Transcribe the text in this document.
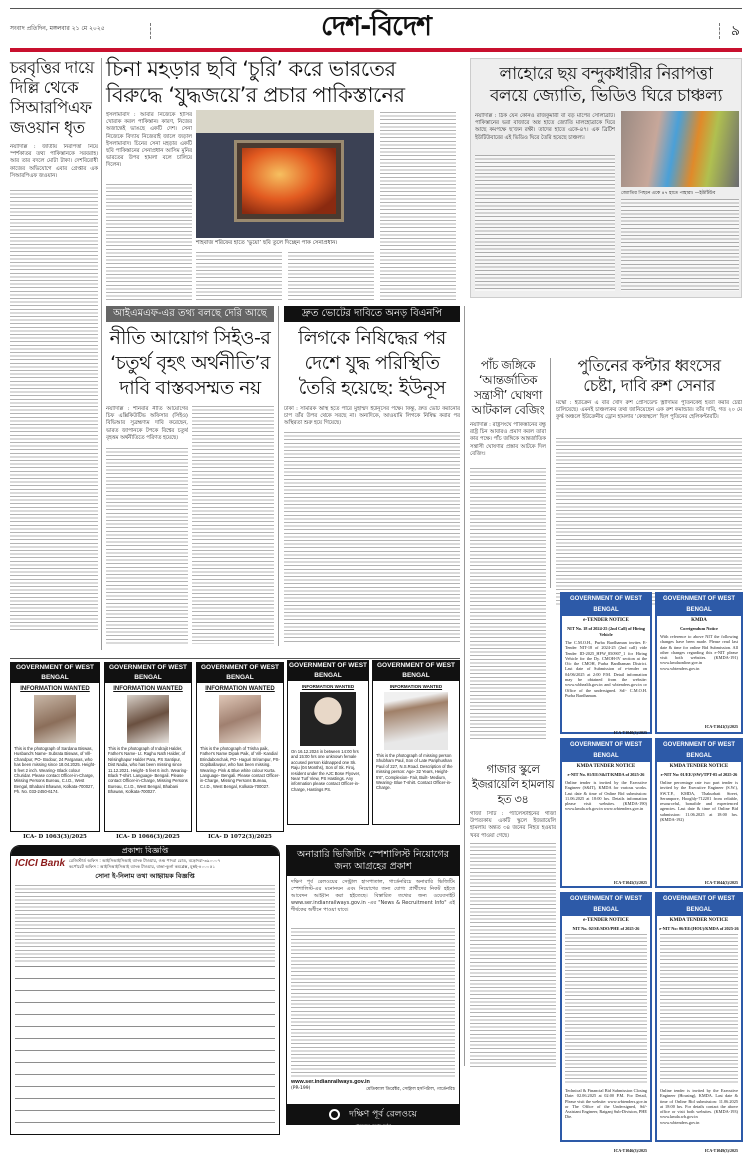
সংবাদ প্রতিদিন, মঙ্গলবার ২১ মে ২০২৫	দেশ-বিদেশ	৯
চরবৃত্তির দায়ে দিল্লি থেকে সিআরপিএফ জওয়ান ধৃত
নয়াদিল্লি : জাতীয় নিরাপত্তা নিয়ে স্পর্শকাতর তথ্য পাকিস্তানকে সরবরাহ। আর তার বদলে মোটা টাকা। দেশবিরোধী কাজের অভিযোগে এবার গ্রেপ্তার এক সিআরপিএফ জওয়ান।
চিনা মহড়ার ছবি ‘চুরি’ করে ভারতের
বিরুদ্ধে ‘যুদ্ধজয়ে’র প্রচার পাকিস্তানের
ইসলামাবাদ : আবার নিজেকে হাসির খোরাক করল পাকিস্তান। কারণ, নিজের অজান্তেই ভাঙছে একটি দেশ। সেনা নিজেকে বিদ্যায় নিজেরাই জালে জড়াল ইসলামাবাদ। চিনের সেনা মহড়ার একটি ছবি পাকিস্তানের সেনাপ্রধান আসিম মুনির ভারতের উপর হামলা বলে চালিয়ে দিলেন।
শাহবাজ শরিফের হাতে ‘ভুয়ো’ ছবি তুলে দিচ্ছেন পাক সেনাপ্রধান।
লাহোরে ছয় বন্দুকধারীর নিরাপত্তা
বলয়ে জ্যোতি, ভিডিও ঘিরে চাঞ্চল্য
নয়াদিল্লি : ঠিক যেন কোনও রাজকুমারী বা বড় মাপের সেলিব্রিটি। পাকিস্তানের ভরা বাজারে অস্ত্র হাতে জ্যোতি মালহোত্রাকে ঘিরে আছে কমপক্ষে ছ’জন রক্ষী। তাদের হাতে একে-৪৭। এক ব্রিটিশ ইউটিউবারের এই ভিডিও ঘিরে তৈরি হয়েছে চাঞ্চল্য।
জ্যোতির পিছনে একে ৪৭ হাতে পাহারা। —ইউটিউব
আইএমএফ-এর তথ্য বলছে দেরি আছে
নীতি আয়োগ সিইও-র
‘চতুর্থ বৃহৎ অর্থনীতি’র
দাবি বাস্তবসম্মত নয়
নয়াদিল্লি : শনিবার নীতি আয়োগের চিফ এক্সিকিউটিভ অফিসার (সিইও) বিভিআর সুব্রহ্মণ্যম দাবি করেছেন, ভারত জাপানকে টপকে বিশ্বের চতুর্থ বৃহত্তম অর্থনীতিতে পরিণত হয়েছে।
দ্রুত ভোটের দাবিতে অনড় বিএনপি
লিগকে নিষিদ্ধের পর
দেশে যুদ্ধ পরিস্থিতি
তৈরি হয়েছে: ইউনূস
ঢাকা : সামরিক অস্থি হতে পারে মুহাম্মদ ইউনূসের পক্ষে। কিন্তু, দ্রুত ভোট করানোর চাপ তাঁর উপর থেকে সরছে না। অন্যদিকে, আওয়ামি লিগকে নিষিদ্ধ করার পর অস্থিরতা শুরু হয়ে গিয়েছে।
পাঁচ জঙ্গিকে ‘আন্তর্জাতিক সন্ত্রাসী’ ঘোষণা আটকাল বেজিং
নয়াদিল্লি : রাষ্ট্রসংঘে পাকিস্তানের বন্ধু রাষ্ট্র চিন আবারও প্রমাণ করল তারা কার পক্ষে। পাঁচ জঙ্গিকে আন্তর্জাতিক সন্ত্রাসী ঘোষণার প্রস্তাব আটকে দিল বেজিং।
পুতিনের কপ্টার ধ্বংসের
চেষ্টা, দাবি রুশ সেনার
মস্কো : ইউক্রেন এ বার খোদ রুশ প্রেসিডেন্ট ভ্লাদিমির পুতিনকেই হত্যা করার চেষ্টা চালিয়েছে। এমনই চাঞ্চল্যকর তথ্য জানিয়েছেন এক রুশ কমান্ডার। তাঁর দাবি, গত ২০ মে কুর্স্ক অঞ্চলে ইউক্রেনীয় ড্রোন হামলার ‘কেন্দ্রস্থলে’ ছিল পুতিনের হেলিকপ্টারটি।
গাজার স্কুলে ইজরায়েলি হামলায় হত ৩৪
গাজা সিটি : প্যালেস্টাইনের গাজা উপত্যকায় একটি স্কুলে ইজরায়েলি হামলায় অন্তত ৩৪ জনের নিহত হওয়ার খবর পাওয়া গেছে।
GOVERNMENT OF WEST BENGAL
INFORMATION WANTED
This is the photograph of Sardana Biswas, Husband's Name- Subrata Biswas, of Vill- Chandpur, PO- Bodour, 24 Parganas, who has been missing since 18.04.2025. Height- 5 feet 2 inch. Wearing- Black colour Churidar. Please contact Officer-in-Charge, Missing Persons Bureau, C.I.D., West Bengal, Bhabani Bhawan, Kolkata-700027, Ph. No. 033-2450-6174.
GOVERNMENT OF WEST BENGAL
INFORMATION WANTED
This is the photograph of Indrajit Halder, Father's Name- Lt. Raghu Nath Halder, of Nrisinghapur Halder Para, PS Santipur, Dist Nadia, who has been missing since 11.12.2021. Height- 5 feet 6 inch. Wearing- Black T-shirt. Language- Bengali. Please contact Officer-in-Charge, Missing Persons Bureau, C.I.D., West Bengal, Bhabani Bhawan, Kolkata-700027.
GOVERNMENT OF WEST BENGAL
INFORMATION WANTED
This is the photograph of Trisha paik, Father's Name Dipak Paik, of Vill- Kandial Brindabonchak, PO- Haguri Srirampur, PS- Gopiballavpur, who has been missing. Wearing- Pink & Blue white colour Kurta. Language- Bengali. Please contact Officer-in-Charge, Missing Persons Bureau, C.I.D., West Bengal, Kolkata-700027.
GOVERNMENT OF WEST BENGAL
INFORMATION WANTED
On 16.12.2024 in between 14:00 hrs and 15:00 hrs one unknown female accused person kidnapped one Sk. Raju (04 Months), Son of Sk. Firoj, resident under the AJC Bose Flyover, Near Turf View, PS Hastings. Any information please contact Officer-in-Charge, Hastings PS.
GOVERNMENT OF WEST BENGAL
INFORMATION WANTED
This is the photograph of missing person Shubham Paul, Son of Late Pariphushan Paul of 227, N.S.Road. Description of the missing person: Age- 32 Years, Height- 5'6", Complexion- Fair, Built- Medium, Wearing- Blue T-shirt. Contact Officer-in-Charge.
ICA- D 1063(3)/2025	ICA- D 1066(3)/2025	ICA- D 1072(3)/2025
প্রকাশ্য বিজ্ঞপ্তি
ICICI Bank রেজিস্টার্ড অফিস : আইসিআইসিআই ব্যাংক টাওয়ার, ওল্ড পাদরা রোড, বড়োদরা-৩৯০০০৭
কর্পোরেট অফিস : আইসিআইসিআই ব্যাংক টাওয়ার, বান্দ্রা-কুর্লা কমপ্লেক্স, মুম্বই-৪০০০৫১
সোনা ই-নিলাম তথা আহ্বায়ক বিজ্ঞপ্তি
অনারারি ভিজিটিং স্পেশালিস্ট নিয়োগের
জন্য আগ্রহের প্রকাশ
দক্ষিণ পূর্ব রেলওয়ের সেন্ট্রাল হাসপাতাল, গার্ডেনরিচে অনারারি ভিজিটিং স্পেশালিস্ট-এর মনোনয়ন এবং নিয়োগের জন্য যোগ্য প্রার্থীদের নিকট হইতে আবেদন আহ্বান করা হইতেছে। বিস্তারিত তথ্যের জন্য ওয়েবসাইট www.ser.indianrailways.gov.in -এর "News & Recruitment Info" এই শীর্ষকের অধীনে পাওয়া যাবে।
www.ser.indianrailways.gov.in
(PR-199)	মেডিক্যাল ডিরেক্টর, সেন্ট্রাল হসপিটাল, গার্ডেনরিচ
দক্ষিণ পূর্ব রেলওয়ে
গ্রাহকদের সেবায় সর্বদা
GOVERNMENT OF WEST BENGAL
e-TENDER NOTICE
NIT No. 18 of 2024-25 (2nd Call) of Hiring Vehicle
The C.M.O.H., Purba Bardhaman invites E-Tender NIT-18 of 2024-25 (2nd call) vide Tender ID-2025_HFW_850907_1 for Hiring Vehicle for the Dy. CMOH-IV section at the O/o the CMOH, Purba Bardhaman District. Last date of Submission of e-tender on 04/06/2025 at 2:00 P.M. Detail information may be obtained from the website: www.wbhealth.gov.in and wbtenders.gov.in or Office of the undersigned. Sd/- C.M.O.H. Purba Bardhaman.
ICA-T1040(3)/2025
GOVERNMENT OF WEST BENGAL
KMDA
Corrigendum Notice
With reference to above NIT the following changes have been made. Please read last date & time for online Bid Submission. All other changes regarding this e-NIT please visit both websites. (KMDA-191) www.kmdaonline.gov.in www.wbtenders.gov.in
ICA-T1041(3)/2025
GOVERNMENT OF WEST BENGAL
KMDA TENDER NOTICE
e-NIT No. 01/EE/S&IT/KMDA of 2025-26
Online tender is invited by the Executive Engineer (S&IT), KMDA for various works. Last date & time of Online Bid submission: 11.06.2025 at 18:00 hrs. Details information please visit websites. (KMDA-190) www.kmda.wb.gov.in www.wbtenders.gov.in
ICA-T1045(3)/2025
GOVERNMENT OF WEST BENGAL
KMDA TENDER NOTICE
e-NIT No: 01/EE/(SW)/TPT-05 of 2025-26
Online percentage rate two part tender is invited by the Executive Engineer (S.W.), SW.T.P., KMDA, Thakurbati Street, Serampore, Hooghly-712201 from reliable, resourceful, bonafide and experienced agencies. Last date & time of Online Bid submission: 11.06.2025 at 18:00 hrs. (KMDA-192)
ICA-T1044(3)/2025
GOVERNMENT OF WEST BENGAL
e-TENDER NOTICE
NIT No. 02/SE/SDO/PHE of 2025-26
Technical & Financial Bid Submission Closing Date: 02.06.2025 at 02:00 P.M. For Detail, Please visit the website: www.wbtenders.gov.in or The Office of the Undersigned, Sd/- Assistant Engineer, Raiganj Sub-Division, PHE Dte.
ICA-T1046(3)/2025
GOVERNMENT OF WEST BENGAL
KMDA TENDER NOTICE
e-NIT No: 06/EE/(HOU)/KMDA of 2025-26
Online tender is invited by the Executive Engineer (Housing), KMDA. Last date & time of Online Bid submission: 11.06.2025 at 18:00 hrs. For details contact the above office or visit both websites. (KMDA-193) www.kmda.wb.gov.in www.wbtenders.gov.in
ICA-T1049(3)/2025
